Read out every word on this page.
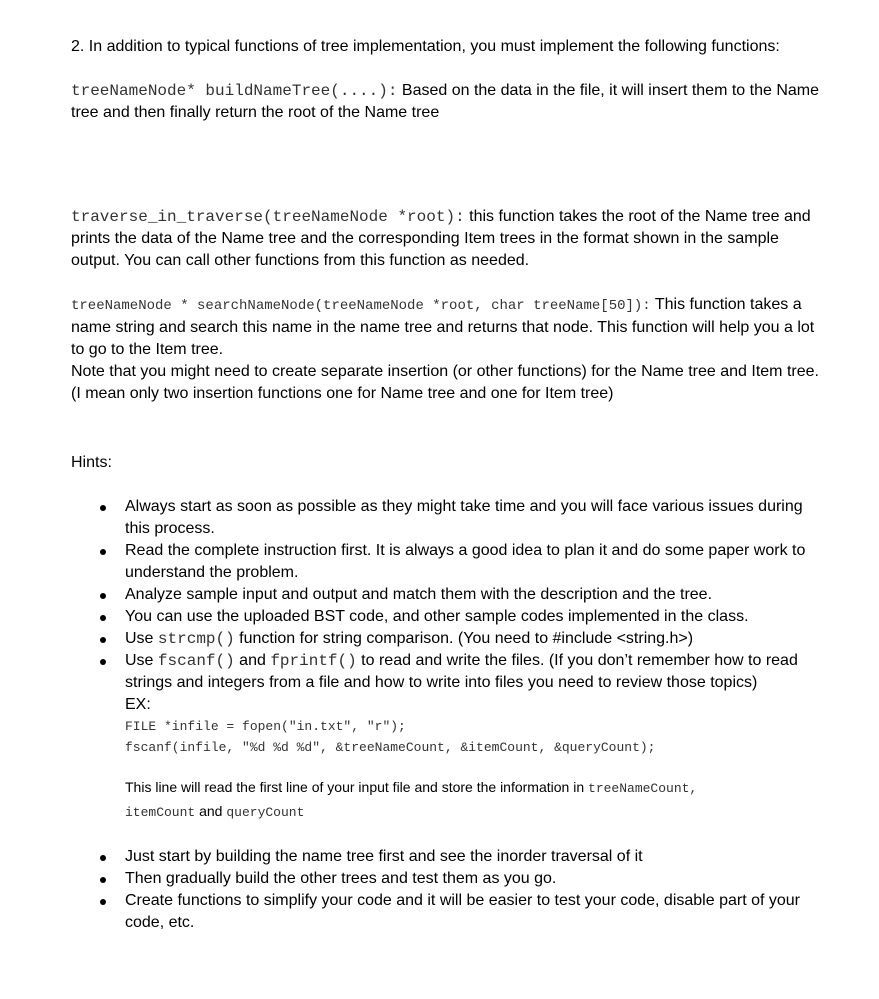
2. In addition to typical functions of tree implementation, you must implement the following functions:

treeNameNode* buildNameTree(....): Based on the data in the file, it will insert them to the Name tree and then finally return the root of the Name tree

traverse_in_traverse(treeNameNode *root): this function takes the root of the Name tree and prints the data of the Name tree and the corresponding Item trees in the format shown in the sample output. You can call other functions from this function as needed.

treeNameNode * searchNameNode(treeNameNode *root, char treeName[50]): This function takes a name string and search this name in the name tree and returns that node. This function will help you a lot to go to the Item tree.

Note that you might need to create separate insertion (or other functions) for the Name tree and Item tree. (I mean only two insertion functions one for Name tree and one for Item tree)

Hints:

Always start as soon as possible as they might take time and you will face various issues during this process.
Read the complete instruction first. It is always a good idea to plan it and do some paper work to understand the problem.
Analyze sample input and output and match them with the description and the tree.
You can use the uploaded BST code, and other sample codes implemented in the class.
Use strcmp() function for string comparison. (You need to #include <string.h>)
Use fscanf() and fprintf() to read and write the files. (If you don’t remember how to read strings and integers from a file and how to write into files you need to review those topics)
EX:
FILE *infile = fopen("in.txt", "r");
fscanf(infile, "%d %d %d", &treeNameCount, &itemCount, &queryCount);
This line will read the first line of your input file and store the information in treeNameCount,
itemCount and queryCount
Just start by building the name tree first and see the inorder traversal of it
Then gradually build the other trees and test them as you go.
Create functions to simplify your code and it will be easier to test your code, disable part of your code, etc.
